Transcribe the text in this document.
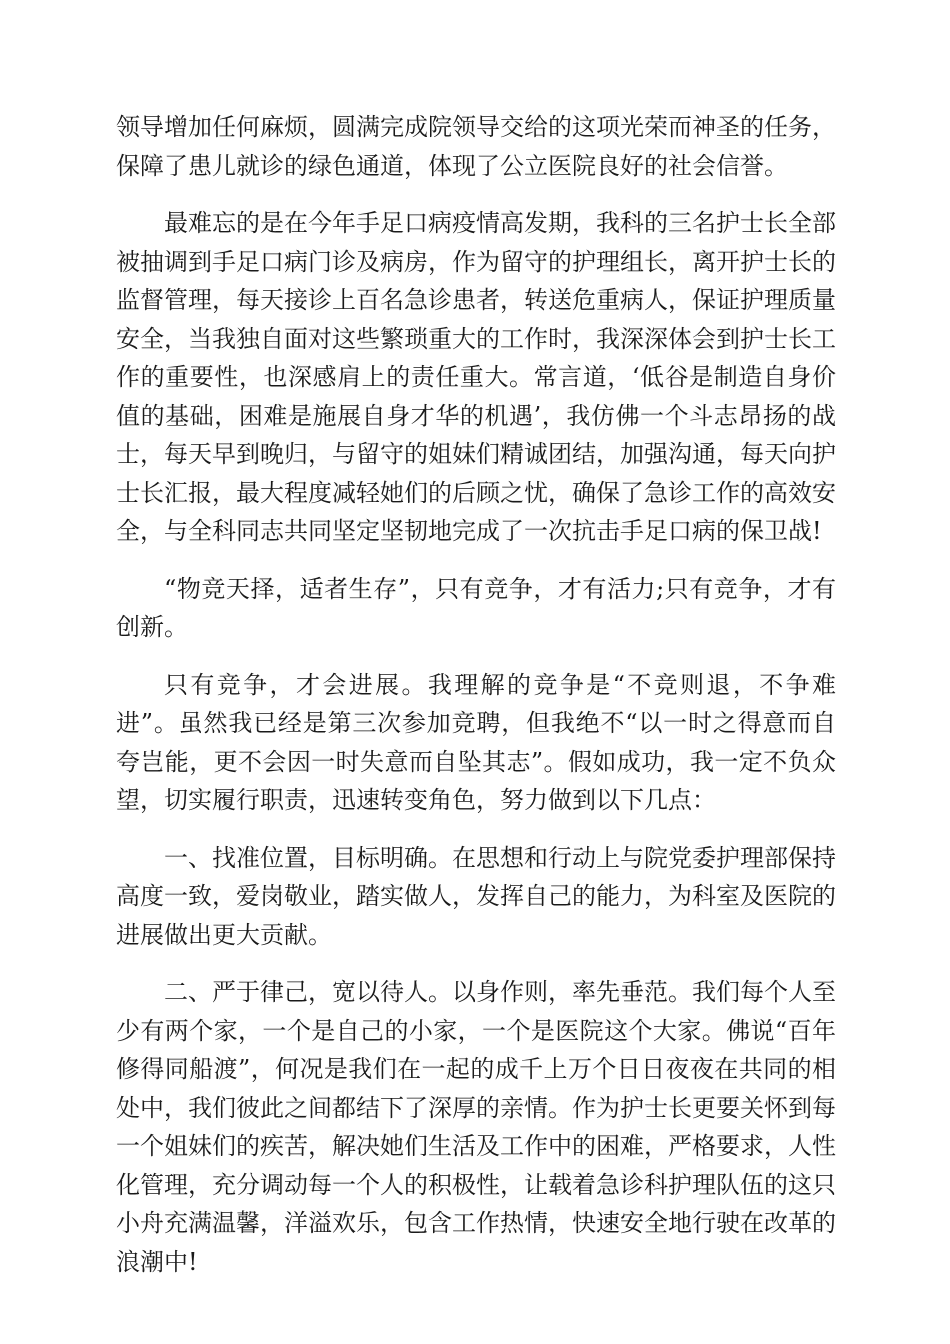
领导增加任何麻烦，圆满完成院领导交给的这项光荣而神圣的任务，保障了患儿就诊的绿色通道，体现了公立医院良好的社会信誉。

最难忘的是在今年手足口病疫情高发期，我科的三名护士长全部被抽调到手足口病门诊及病房，作为留守的护理组长，离开护士长的监督管理，每天接诊上百名急诊患者，转送危重病人，保证护理质量安全，当我独自面对这些繁琐重大的工作时，我深深体会到护士长工作的重要性，也深感肩上的责任重大。常言道，‘低谷是制造自身价值的基础，困难是施展自身才华的机遇’，我仿佛一个斗志昂扬的战士，每天早到晚归，与留守的姐妹们精诚团结，加强沟通，每天向护士长汇报，最大程度减轻她们的后顾之忧，确保了急诊工作的高效安全，与全科同志共同坚定坚韧地完成了一次抗击手足口病的保卫战!

“物竞天择，适者生存”，只有竞争，才有活力;只有竞争，才有创新。

只有竞争，才会进展。我理解的竞争是“不竞则退，不争难进”。虽然我已经是第三次参加竞聘，但我绝不“以一时之得意而自夸岂能，更不会因一时失意而自坠其志”。假如成功，我一定不负众望，切实履行职责，迅速转变角色，努力做到以下几点：

一、找准位置，目标明确。在思想和行动上与院党委护理部保持高度一致，爱岗敬业，踏实做人，发挥自己的能力，为科室及医院的进展做出更大贡献。

二、严于律己，宽以待人。以身作则，率先垂范。我们每个人至少有两个家，一个是自己的小家，一个是医院这个大家。佛说“百年修得同船渡”，何况是我们在一起的成千上万个日日夜夜在共同的相处中，我们彼此之间都结下了深厚的亲情。作为护士长更要关怀到每一个姐妹们的疾苦，解决她们生活及工作中的困难，严格要求，人性化管理，充分调动每一个人的积极性，让载着急诊科护理队伍的这只小舟充满温馨，洋溢欢乐，包含工作热情，快速安全地行驶在改革的浪潮中!
